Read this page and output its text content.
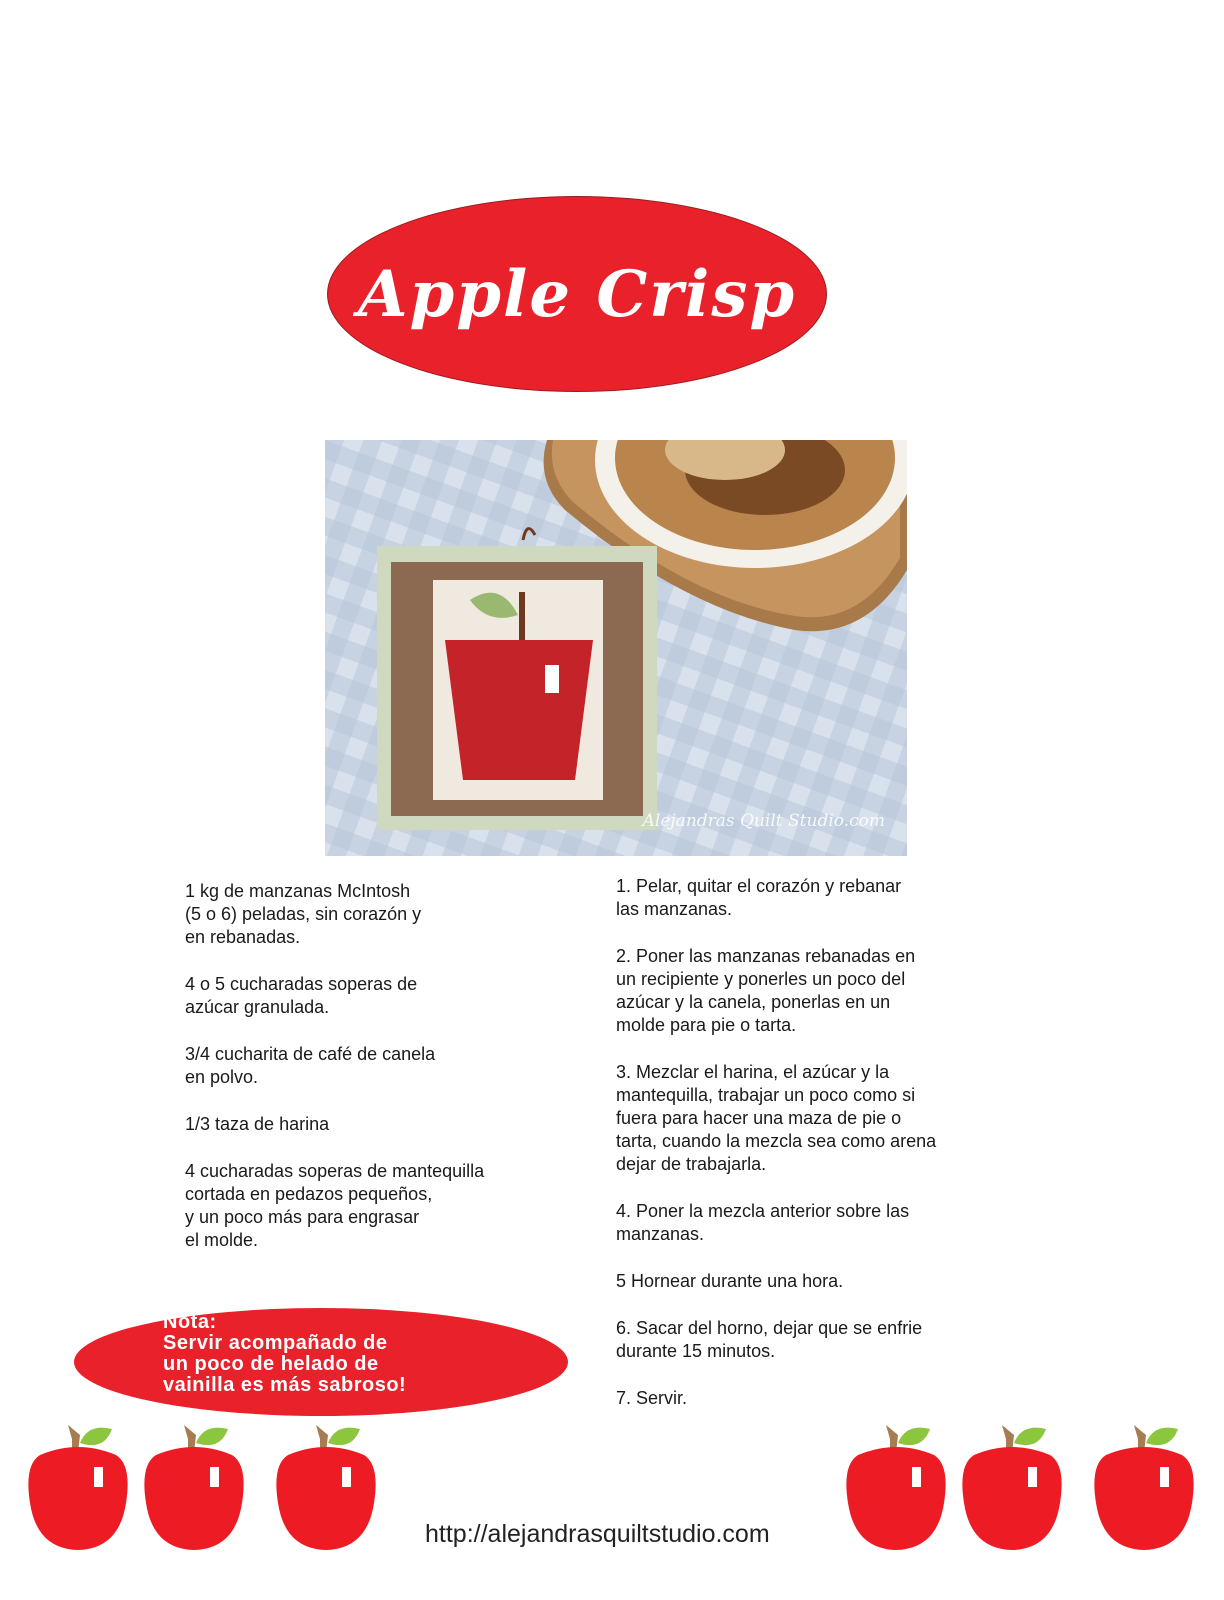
Apple Crisp
Alejandras Quilt Studio.com

1 kg de manzanas McIntosh
(5 o 6) peladas, sin corazón y
en rebanadas.

4 o 5 cucharadas soperas de
azúcar granulada.

3/4 cucharita de café de canela
en polvo.

1/3 taza de harina

4 cucharadas soperas de mantequilla
cortada en pedazos pequeños,
y un poco más para engrasar
el molde.

1. Pelar, quitar el corazón y rebanar
las manzanas.

2. Poner las manzanas rebanadas en
un recipiente y ponerles un poco del
azúcar y la canela, ponerlas en un
molde para pie o tarta.

3. Mezclar el harina, el azúcar y la
mantequilla, trabajar un poco como si
fuera para hacer una maza de pie o
tarta, cuando la mezcla sea como arena
dejar de trabajarla.

4. Poner la mezcla anterior sobre las
manzanas.

5 Hornear durante una hora.

6. Sacar del horno, dejar que se enfrie
durante 15 minutos.

7. Servir.

Nota:
Servir acompañado de
un poco de helado de
vainilla es más sabroso!
http://alejandrasquiltstudio.com
